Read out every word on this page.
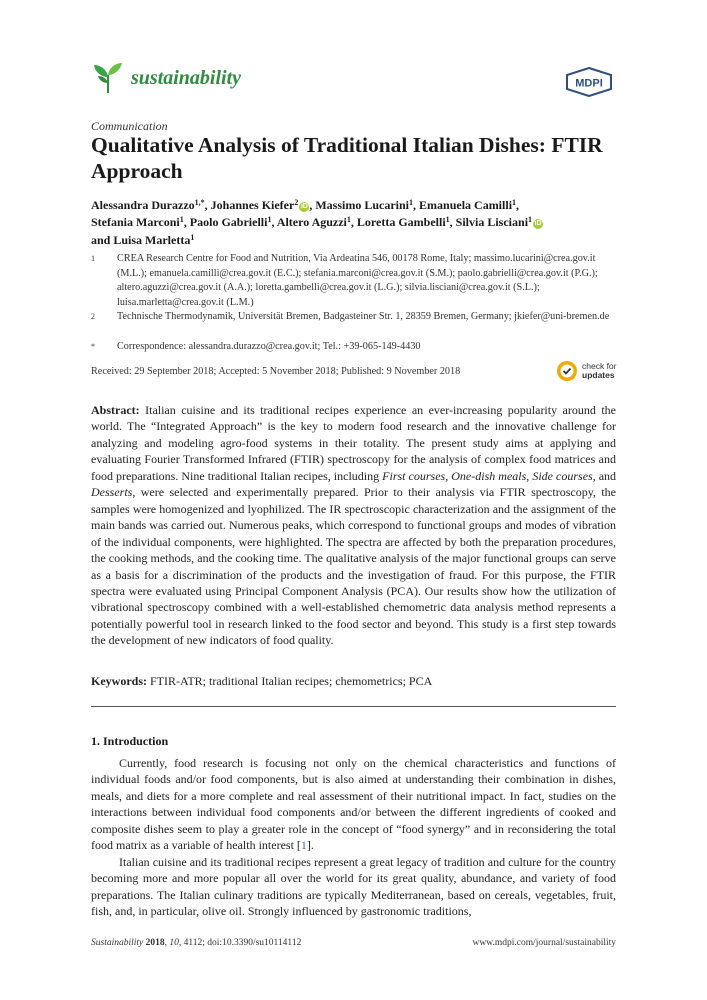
sustainability	MDPI
Communication
Qualitative Analysis of Traditional Italian Dishes: FTIR Approach
Alessandra Durazzo$^{1,*}$, Johannes Kiefer$^2$ iD , Massimo Lucarini$^1$, Emanuela Camilli$^1$,
Stefania Marconi$^1$, Paolo Gabrielli$^1$, Altero Aguzzi$^1$, Loretta Gambelli$^1$, Silvia Lisciani$^1$ iD
and Luisa Marletta$^1$
1 CREA Research Centre for Food and Nutrition, Via Ardeatina 546, 00178 Rome, Italy; massimo.lucarini@crea.gov.it (M.L.); emanuela.camilli@crea.gov.it (E.C.); stefania.marconi@crea.gov.it (S.M.); paolo.gabrielli@crea.gov.it (P.G.); altero.aguzzi@crea.gov.it (A.A.); loretta.gambelli@crea.gov.it (L.G.); silvia.lisciani@crea.gov.it (S.L.); luisa.marletta@crea.gov.it (L.M.)
2 Technische Thermodynamik, Universität Bremen, Badgasteiner Str. 1, 28359 Bremen, Germany; jkiefer@uni-bremen.de
* Correspondence: alessandra.durazzo@crea.gov.it; Tel.: +39-065-149-4430
Received: 29 September 2018; Accepted: 5 November 2018; Published: 9 November 2018
check for
updates
Abstract: Italian cuisine and its traditional recipes experience an ever-increasing popularity around the world. The “Integrated Approach” is the key to modern food research and the innovative challenge for analyzing and modeling agro-food systems in their totality. The present study aims at applying and evaluating Fourier Transformed Infrared (FTIR) spectroscopy for the analysis of complex food matrices and food preparations. Nine traditional Italian recipes, including First courses, One-dish meals, Side courses, and Desserts, were selected and experimentally prepared. Prior to their analysis via FTIR spectroscopy, the samples were homogenized and lyophilized. The IR spectroscopic characterization and the assignment of the main bands was carried out. Numerous peaks, which correspond to functional groups and modes of vibration of the individual components, were highlighted. The spectra are affected by both the preparation procedures, the cooking methods, and the cooking time. The qualitative analysis of the major functional groups can serve as a basis for a discrimination of the products and the investigation of fraud. For this purpose, the FTIR spectra were evaluated using Principal Component Analysis (PCA). Our results show how the utilization of vibrational spectroscopy combined with a well-established chemometric data analysis method represents a potentially powerful tool in research linked to the food sector and beyond. This study is a first step towards the development of new indicators of food quality.
Keywords: FTIR-ATR; traditional Italian recipes; chemometrics; PCA
1. Introduction

Currently, food research is focusing not only on the chemical characteristics and functions of individual foods and/or food components, but is also aimed at understanding their combination in dishes, meals, and diets for a more complete and real assessment of their nutritional impact. In fact, studies on the interactions between individual food components and/or between the different ingredients of cooked and composite dishes seem to play a greater role in the concept of “food synergy” and in reconsidering the total food matrix as a variable of health interest [1].

Italian cuisine and its traditional recipes represent a great legacy of tradition and culture for the country becoming more and more popular all over the world for its great quality, abundance, and variety of food preparations. The Italian culinary traditions are typically Mediterranean, based on cereals, vegetables, fruit, fish, and, in particular, olive oil. Strongly influenced by gastronomic traditions,

Sustainability 2018, 10, 4112; doi:10.3390/su10114112	www.mdpi.com/journal/sustainability
